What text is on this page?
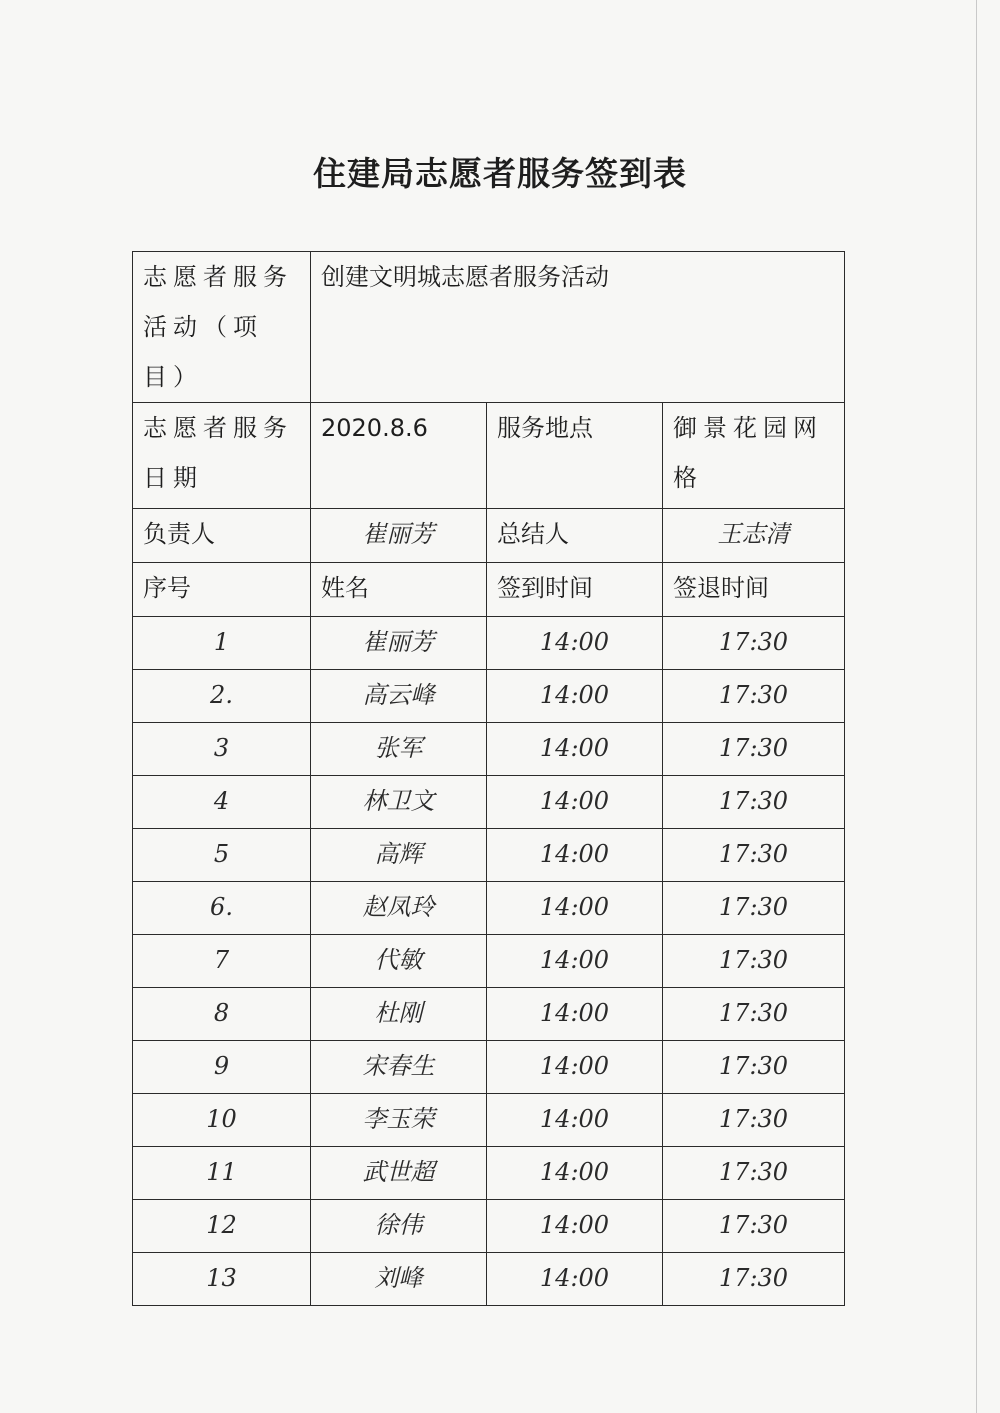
住建局志愿者服务签到表
志愿者服务活动（项目）	创建文明城志愿者服务活动		
志愿者服务日期	2020.8.6	服务地点	御景花园网格
负责人	崔丽芳	总结人	王志清
序号	姓名	签到时间	签退时间
1	崔丽芳	14:00	17:30
2.	高云峰	14:00	17:30
3	张军	14:00	17:30
4	林卫文	14:00	17:30
5	高辉	14:00	17:30
6.	赵凤玲	14:00	17:30
7	代敏	14:00	17:30
8	杜刚	14:00	17:30
9	宋春生	14:00	17:30
10	李玉荣	14:00	17:30
11	武世超	14:00	17:30
12	徐伟	14:00	17:30
13	刘峰	14:00	17:30
